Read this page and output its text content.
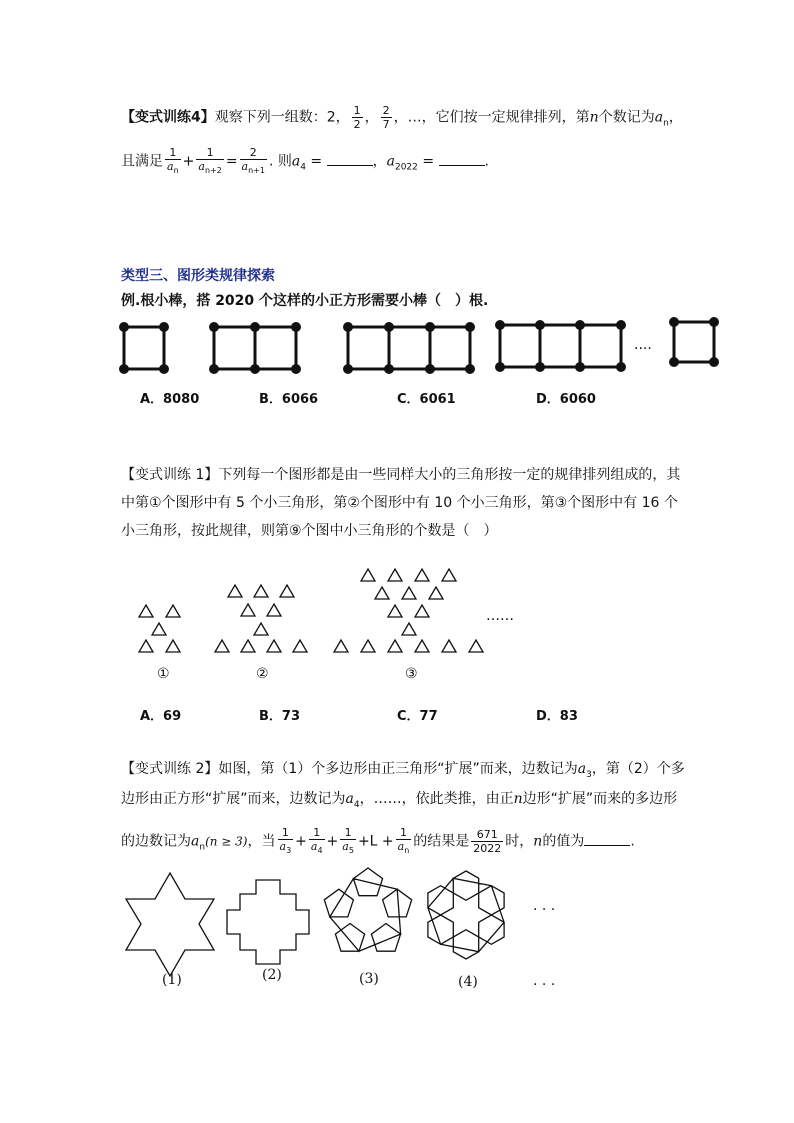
【变式训练4】观察下列一组数：2， $\frac{1}{2}$ ， $\frac{2}{7}$ ，…，它们按一定规律排列，第n个数记为$a_n$，
且满足 $\frac{1}{a_n} + \frac{1}{a_{n+2}} = \frac{2}{a_{n+1}}$ . 则$a_4$ =	，$a_{2022}$ =	.
类型三、图形类规律探索
例.根小棒，搭 2020 个这样的小正方形需要小棒（　）根.
....
A．8080	B．6066	C．6061	D．6060
【变式训练 1】下列每一个图形都是由一些同样大小的三角形按一定的规律排列组成的，其
中第①个图形中有 5 个小三角形，第②个图形中有 10 个小三角形，第③个图形中有 16 个
小三角形，按此规律，则第⑨个图中小三角形的个数是（　）
①	②	③
……
A．69	B．73	C．77	D．83
【变式训练 2】如图，第（1）个多边形由正三角形“扩展”而来，边数记为$a_3$，第（2）个多
边形由正方形“扩展”而来，边数记为$a_4$，……，依此类推，由正n边形“扩展”而来的多边形
的边数记为$a_n(n \ge 3)$，当 $\frac{1}{a_3} + \frac{1}{a_4} + \frac{1}{a_5} +L + \frac{1}{a_n}$ 的结果是 $\frac{671}{2022}$ 时，n的值为	.
(1)	(2)	(3)	(4)
· · ·
· · ·
